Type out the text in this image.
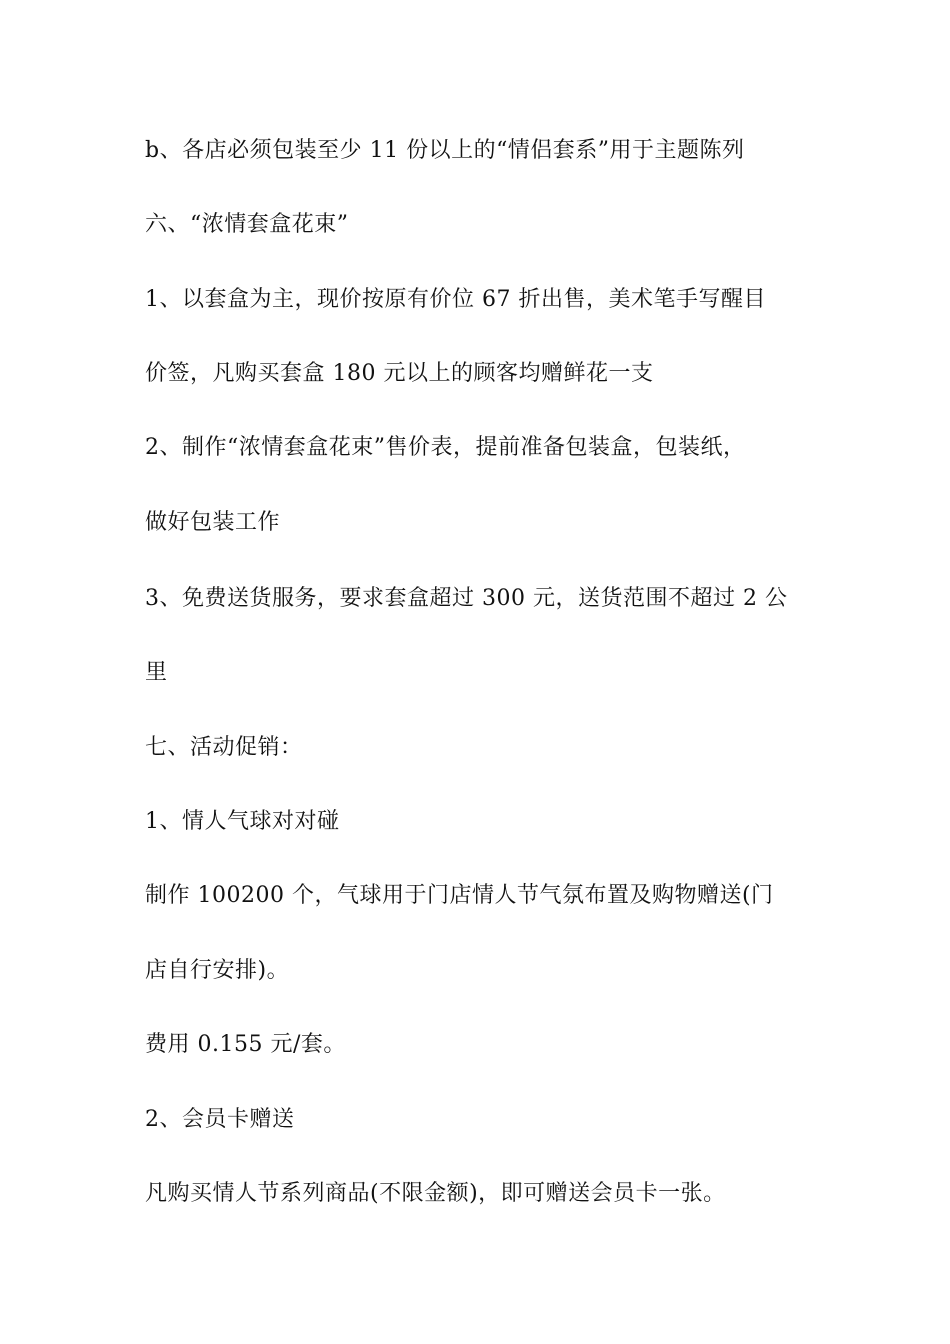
b、各店必须包装至少 11 份以上的“情侣套系”用于主题陈列

六、“浓情套盒花束”

1、以套盒为主，现价按原有价位 67 折出售，美术笔手写醒目

价签，凡购买套盒 180 元以上的顾客均赠鲜花一支

2、制作“浓情套盒花束”售价表，提前准备包装盒，包装纸，

做好包装工作

3、免费送货服务，要求套盒超过 300 元，送货范围不超过 2 公

里

七、活动促销：

1、情人气球对对碰

制作 100200 个，气球用于门店情人节气氛布置及购物赠送(门

店自行安排)。

费用 0.155 元/套。

2、会员卡赠送

凡购买情人节系列商品(不限金额)，即可赠送会员卡一张。
